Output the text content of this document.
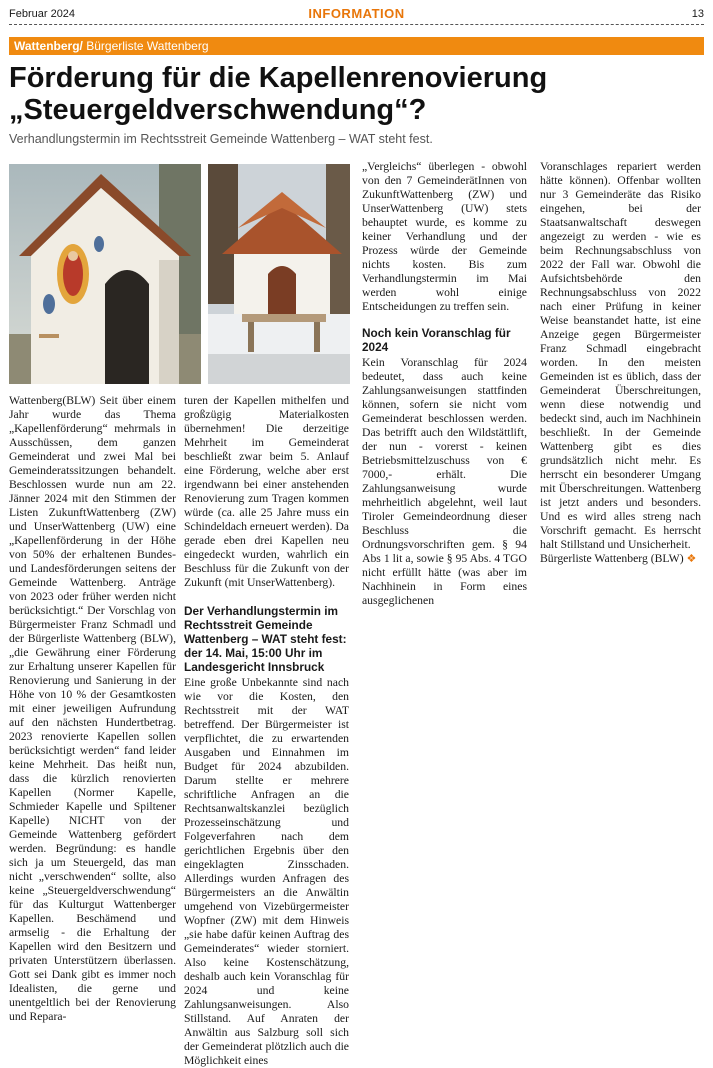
Februar 2024	INFORMATION	13
Wattenberg/ Bürgerliste Wattenberg
Förderung für die Kapellenrenovierung
„Steuergeldverschwendung“?
Verhandlungstermin im Rechtsstreit Gemeinde Wattenberg – WAT steht fest.

Wattenberg(BLW) Seit über einem Jahr wurde das Thema „Kapellenförderung“ mehrmals in Ausschüssen, dem ganzen Gemeinderat und zwei Mal bei Gemeinderatssitzungen behandelt. Beschlossen wurde nun am 22. Jänner 2024 mit den Stimmen der Listen ZukunftWattenberg (ZW) und UnserWattenberg (UW) eine „Kapellenförderung in der Höhe von 50% der erhaltenen Bundes- und Landesförderungen seitens der Gemeinde Wattenberg. Anträge von 2023 oder früher werden nicht berücksichtigt.“ Der Vorschlag von Bürgermeister Franz Schmadl und der Bürgerliste Wattenberg (BLW), „die Gewährung einer Förderung zur Erhaltung unserer Kapellen für Renovierung und Sanierung in der Höhe von 10 % der Gesamtkosten mit einer jeweiligen Aufrundung auf den nächsten Hundertbetrag. 2023 renovierte Kapellen sollen berücksichtigt werden“ fand leider keine Mehrheit. Das heißt nun, dass die kürzlich renovierten Kapellen (Normer Kapelle, Schmieder Kapelle und Spiltener Kapelle) NICHT von der Gemeinde Wattenberg gefördert werden. Begründung: es handle sich ja um Steuergeld, das man nicht „verschwenden“ sollte, also keine „Steuergeldverschwendung“ für das Kulturgut Wattenberger Kapellen. Beschämend und armselig - die Erhaltung der Kapellen wird den Besitzern und privaten Unterstützern überlassen. Gott sei Dank gibt es immer noch Idealisten, die gerne und unentgeltlich bei der Renovierung und Repara-

turen der Kapellen mithelfen und großzügig Materialkosten übernehmen! Die derzeitige Mehrheit im Gemeinderat beschließt zwar beim 5. Anlauf eine Förderung, welche aber erst irgendwann bei einer anstehenden Renovierung zum Tragen kommen würde (ca. alle 25 Jahre muss ein Schindeldach erneuert werden). Da gerade eben drei Kapellen neu eingedeckt wurden, wahrlich ein Beschluss für die Zukunft von der Zukunft (mit UnserWattenberg).

Der Verhandlungstermin im Rechtsstreit Gemeinde Wattenberg – WAT steht fest: der 14. Mai, 15:00 Uhr im Landesgericht Innsbruck

Eine große Unbekannte sind nach wie vor die Kosten, den Rechtsstreit mit der WAT betreffend. Der Bürgermeister ist verpflichtet, die zu erwartenden Ausgaben und Einnahmen im Budget für 2024 abzubilden. Darum stellte er mehrere schriftliche Anfragen an die Rechtsanwaltskanzlei bezüglich Prozesseinschätzung und Folgeverfahren nach dem gerichtlichen Ergebnis über den eingeklagten Zinsschaden. Allerdings wurden Anfragen des Bürgermeisters an die Anwältin umgehend von Vizebürgermeister Wopfner (ZW) mit dem Hinweis „sie habe dafür keinen Auftrag des Gemeinderates“ wieder storniert. Also keine Kostenschätzung, deshalb auch kein Voranschlag für 2024 und keine Zahlungsanweisungen. Also Stillstand. Auf Anraten der Anwältin aus Salzburg soll sich der Gemeinderat plötzlich auch die Möglichkeit eines

„Vergleichs“ überlegen - obwohl von den 7 GemeinderätInnen von ZukunftWattenberg (ZW) und UnserWattenberg (UW) stets behauptet wurde, es komme zu keiner Verhandlung und der Prozess würde der Gemeinde nichts kosten. Bis zum Verhandlungstermin im Mai werden wohl einige Entscheidungen zu treffen sein.

Noch kein Voranschlag für 2024

Kein Voranschlag für 2024 bedeutet, dass auch keine Zahlungsanweisungen stattfinden können, sofern sie nicht vom Gemeinderat beschlossen werden. Das betrifft auch den Wildstättlift, der nun - vorerst - keinen Betriebsmittelzuschuss von € 7000,- erhält. Die Zahlungsanweisung wurde mehrheitlich abgelehnt, weil laut Tiroler Gemeindeordnung dieser Beschluss die Ordnungsvorschriften gem. § 94 Abs 1 lit a, sowie § 95 Abs. 4 TGO nicht erfüllt hätte (was aber im Nachhinein in Form eines ausgeglichenen

Voranschlages repariert werden hätte können). Offenbar wollten nur 3 Gemeinderäte das Risiko eingehen, bei der Staatsanwaltschaft deswegen angezeigt zu werden - wie es beim Rechnungsabschluss von 2022 der Fall war. Obwohl die Aufsichtsbehörde den Rechnungsabschluss von 2022 nach einer Prüfung in keiner Weise beanstandet hatte, ist eine Anzeige gegen Bürgermeister Franz Schmadl eingebracht worden. In den meisten Gemeinden ist es üblich, dass der Gemeinderat Überschreitungen, wenn diese notwendig und bedeckt sind, auch im Nachhinein beschließt. In der Gemeinde Wattenberg gibt es dies grundsätzlich nicht mehr. Es herrscht ein besonderer Umgang mit Überschreitungen. Wattenberg ist jetzt anders und besonders. Und es wird alles streng nach Vorschrift gemacht. Es herrscht halt Stillstand und Unsicherheit.

Bürgerliste Wattenberg (BLW) ❖
